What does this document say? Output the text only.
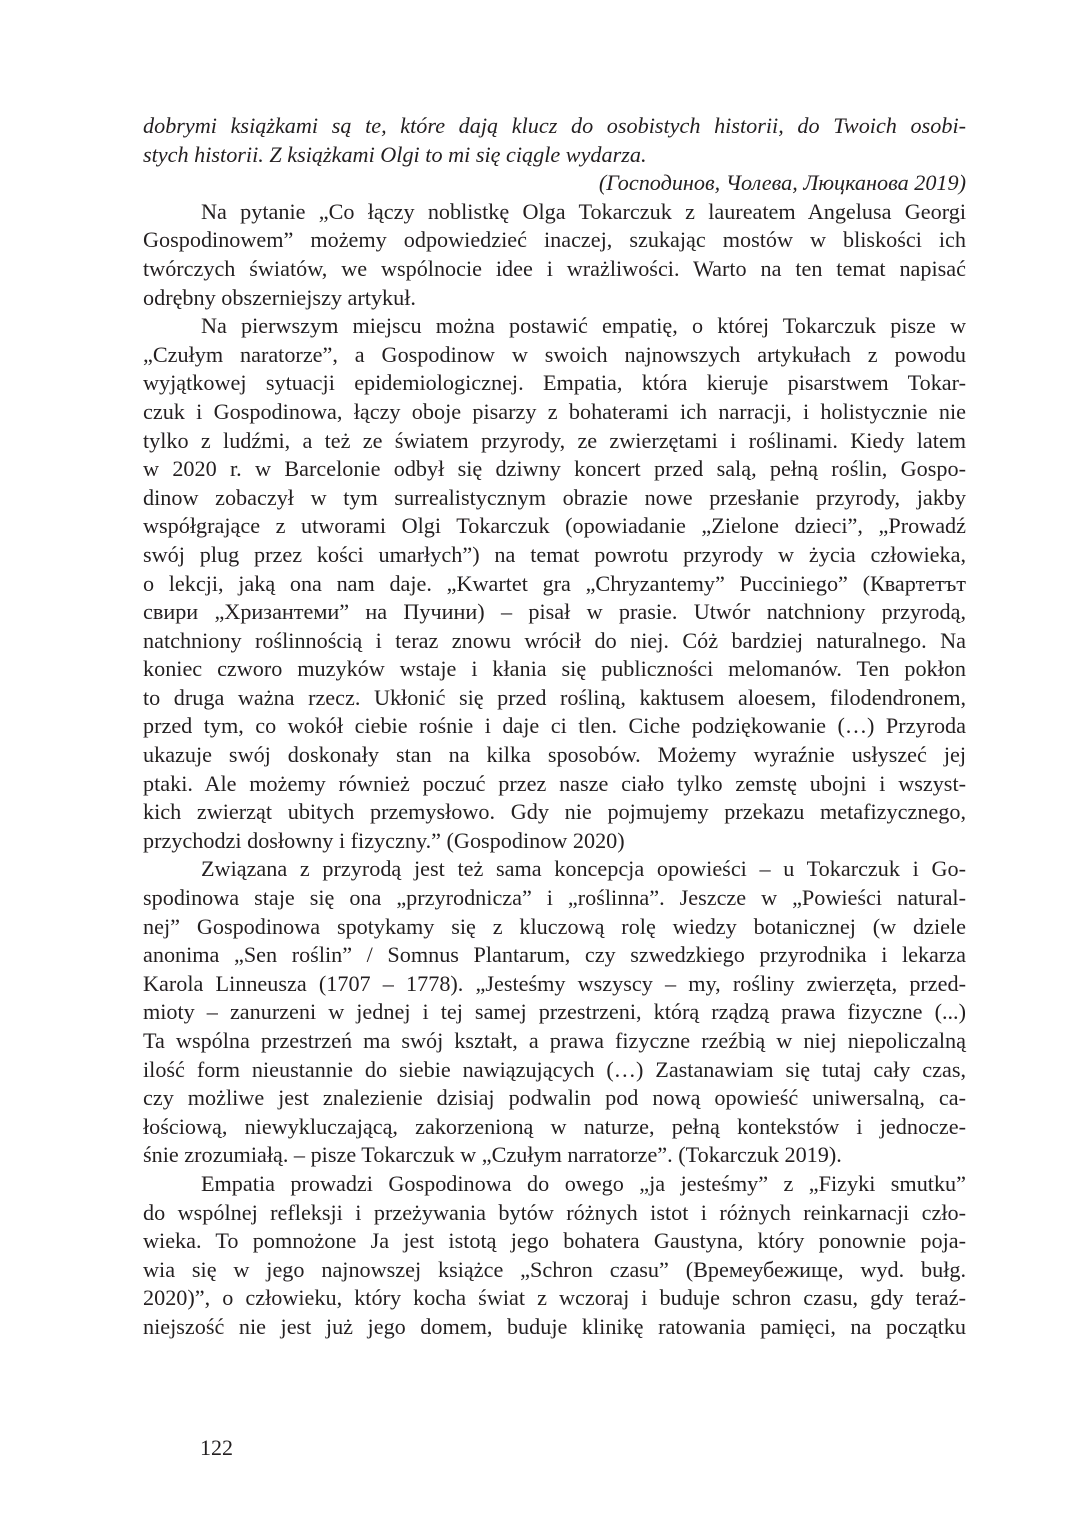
dobrymi książkami są te, które dają klucz do osobistych historii, do Twoich osobi-
stych historii. Z książkami Olgi to mi się ciągle wydarza.
(Господинов, Чолева, Люцканова 2019)
Na pytanie „Co łączy noblistkę Olga Tokarczuk z laureatem Angelusa Georgi
Gospodinowem” możemy odpowiedzieć inaczej, szukając mostów w bliskości ich
twórczych światów, we wspólnocie idee i wrażliwości. Warto na ten temat napisać
odrębny obszerniejszy artykuł.
Na pierwszym miejscu można postawić empatię, o której Tokarczuk pisze w
„Czułym naratorze”, a Gospodinow w swoich najnowszych artykułach z powodu
wyjątkowej sytuacji epidemiologicznej. Empatia, która kieruje pisarstwem Tokar-
czuk i Gospodinowa, łączy oboje pisarzy z bohaterami ich narracji, i holistycznie nie
tylko z ludźmi, a też ze światem przyrody, ze zwierzętami i roślinami. Kiedy latem
w 2020 r. w Barcelonie odbył się dziwny koncert przed salą, pełną roślin, Gospo-
dinow zobaczył w tym surrealistycznym obrazie nowe przesłanie przyrody, jakby
współgrające z utworami Olgi Tokarczuk (opowiadanie „Zielone dzieci”, „Prowadź
swój plug przez kości umarłych”) na temat powrotu przyrody w życia człowieka,
o lekcji, jaką ona nam daje. „Kwartet gra „Chryzantemy” Pucciniego” (Квартетът
свири „Хризантеми” на Пучини) – pisał w prasie. Utwór natchniony przyrodą,
natchniony roślinnością i teraz znowu wrócił do niej. Cóż bardziej naturalnego. Na
koniec czworo muzyków wstaje i kłania się publiczności melomanów. Ten pokłon
to druga ważna rzecz. Ukłonić się przed rośliną, kaktusem aloesem, filodendronem,
przed tym, co wokół ciebie rośnie i daje ci tlen. Ciche podziękowanie (…) Przyroda
ukazuje swój doskonały stan na kilka sposobów. Możemy wyraźnie usłyszeć jej
ptaki. Ale możemy również poczuć przez nasze ciało tylko zemstę ubojni i wszyst-
kich zwierząt ubitych przemysłowo. Gdy nie pojmujemy przekazu metafizycznego,
przychodzi dosłowny i fizyczny.” (Gospodinow 2020)
Związana z przyrodą jest też sama koncepcja opowieści – u Tokarczuk i Go-
spodinowa staje się ona „przyrodnicza” i „roślinna”. Jeszcze w „Powieści natural-
nej” Gospodinowa spotykamy się z kluczową rolę wiedzy botanicznej (w dziele
anonima „Sen roślin” / Somnus Plantarum, czy szwedzkiego przyrodnika i lekarza
Karola Linneusza (1707 – 1778). „Jesteśmy wszyscy – my, rośliny zwierzęta, przed-
mioty – zanurzeni w jednej i tej samej przestrzeni, którą rządzą prawa fizyczne (...)
Ta wspólna przestrzeń ma swój kształt, a prawa fizyczne rzeźbią w niej niepoliczalną
ilość form nieustannie do siebie nawiązujących (…) Zastanawiam się tutaj cały czas,
czy możliwe jest znalezienie dzisiaj podwalin pod nową opowieść uniwersalną, ca-
łościową, niewykluczającą, zakorzenioną w naturze, pełną kontekstów i jednocze-
śnie zrozumiałą. – pisze Tokarczuk w „Czułym narratorze”. (Tokarczuk 2019).
Empatia prowadzi Gospodinowa do owego „ja jesteśmy” z „Fizyki smutku”
do wspólnej refleksji i przeżywania bytów różnych istot i różnych reinkarnacji czło-
wieka. To pomnożone Ja jest istotą jego bohatera Gaustyna, który ponownie poja-
wia się w jego najnowszej książce „Schron czasu” (Времеубежище, wyd. bułg.
2020)”, o człowieku, który kocha świat z wczoraj i buduje schron czasu, gdy teraź-
niejszość nie jest już jego domem, buduje klinikę ratowania pamięci, na początku
122
